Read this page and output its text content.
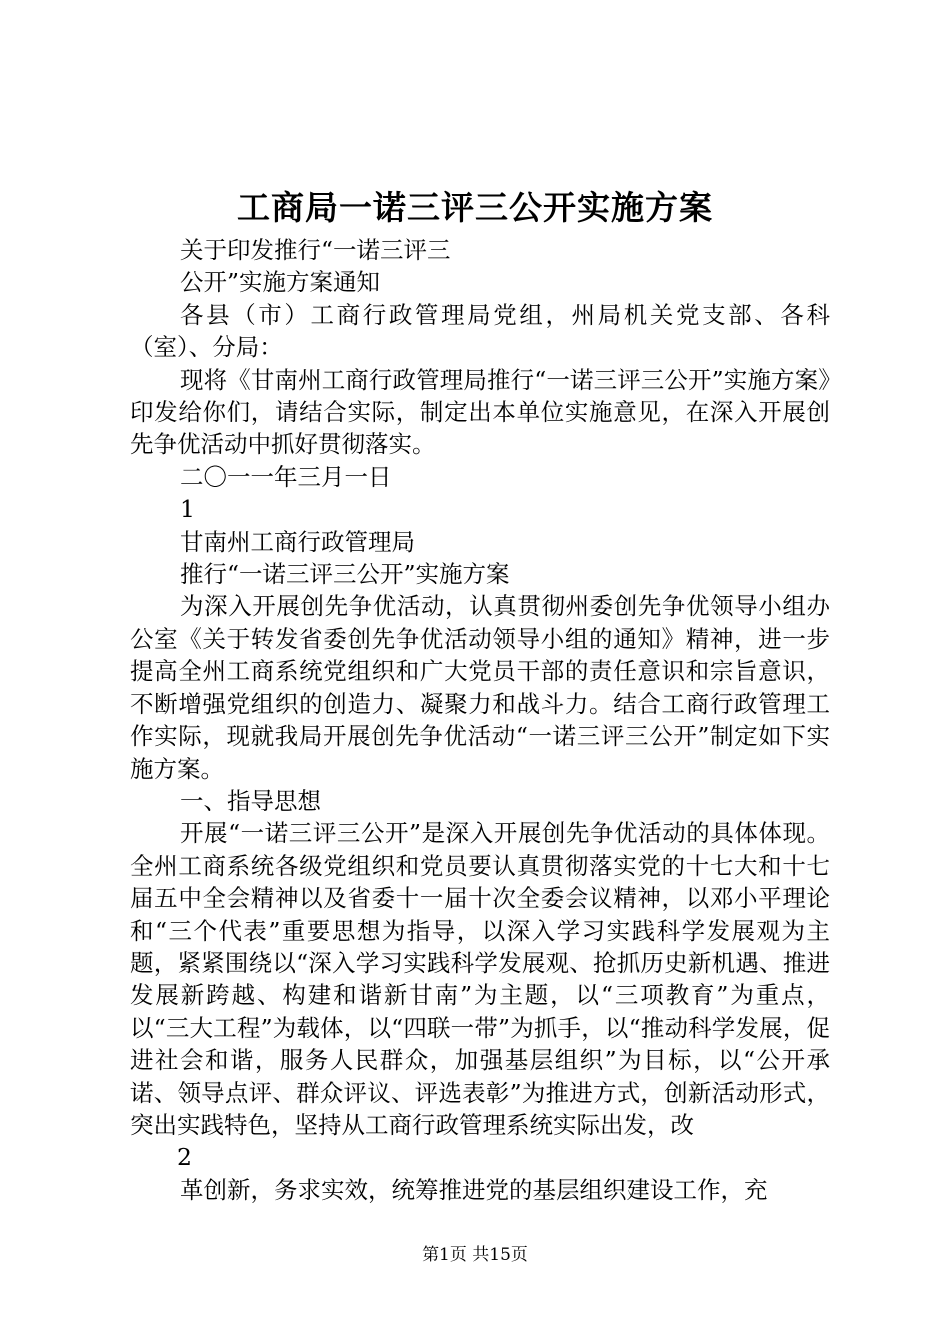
工商局一诺三评三公开实施方案

关于印发推行“一诺三评三

公开”实施方案通知

各县（市）工商行政管理局党组，州局机关党支部、各科（室）、分局：

现将《甘南州工商行政管理局推行“一诺三评三公开”实施方案》印发给你们，请结合实际，制定出本单位实施意见，在深入开展创先争优活动中抓好贯彻落实。

二〇一一年三月一日

1

甘南州工商行政管理局

推行“一诺三评三公开”实施方案

为深入开展创先争优活动，认真贯彻州委创先争优领导小组办公室《关于转发省委创先争优活动领导小组的通知》精神，进一步提高全州工商系统党组织和广大党员干部的责任意识和宗旨意识，不断增强党组织的创造力、凝聚力和战斗力。结合工商行政管理工作实际，现就我局开展创先争优活动“一诺三评三公开”制定如下实施方案。

一、指导思想

开展“一诺三评三公开”是深入开展创先争优活动的具体体现。全州工商系统各级党组织和党员要认真贯彻落实党的十七大和十七届五中全会精神以及省委十一届十次全委会议精神，以邓小平理论和“三个代表”重要思想为指导，以深入学习实践科学发展观为主题，紧紧围绕以“深入学习实践科学发展观、抢抓历史新机遇、推进发展新跨越、构建和谐新甘南”为主题，以“三项教育”为重点，以“三大工程”为载体，以“四联一带”为抓手，以“推动科学发展，促进社会和谐，服务人民群众，加强基层组织”为目标，以“公开承诺、领导点评、群众评议、评选表彰”为推进方式，创新活动形式，突出实践特色，坚持从工商行政管理系统实际出发，改

2

革创新，务求实效，统筹推进党的基层组织建设工作，充

第1页 共15页
